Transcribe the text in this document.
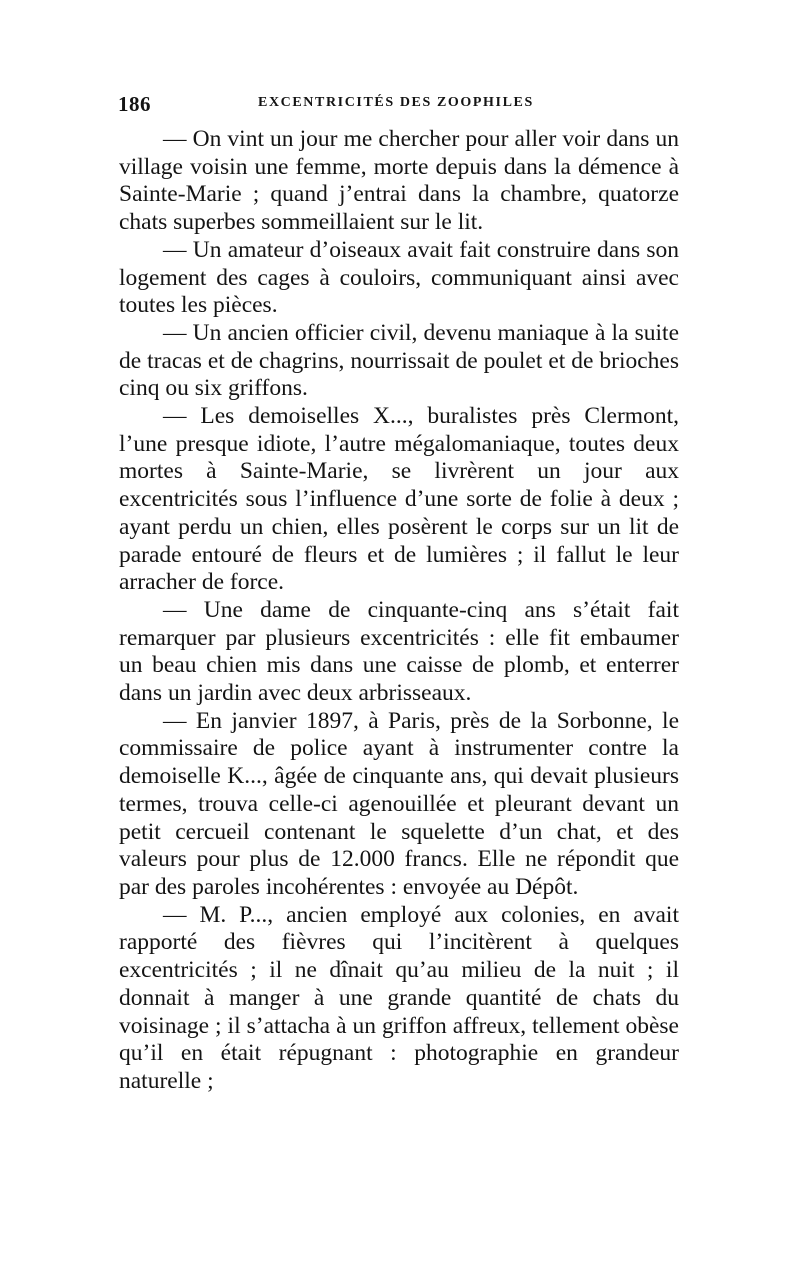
186	EXCENTRICITÉS DES ZOOPHILES

— On vint un jour me chercher pour aller voir dans un village voisin une femme, morte depuis dans la démence à Sainte-Marie ; quand j’entrai dans la chambre, quatorze chats superbes sommeillaient sur le lit.

— Un amateur d’oiseaux avait fait construire dans son logement des cages à couloirs, communiquant ainsi avec toutes les pièces.

— Un ancien officier civil, devenu maniaque à la suite de tracas et de chagrins, nourrissait de poulet et de brioches cinq ou six griffons.

— Les demoiselles X..., buralistes près Clermont, l’une presque idiote, l’autre mégalomaniaque, toutes deux mortes à Sainte-Marie, se livrèrent un jour aux excentricités sous l’influence d’une sorte de folie à deux ; ayant perdu un chien, elles posèrent le corps sur un lit de parade entouré de fleurs et de lumières ; il fallut le leur arracher de force.

— Une dame de cinquante-cinq ans s’était fait remarquer par plusieurs excentricités : elle fit embaumer un beau chien mis dans une caisse de plomb, et enterrer dans un jardin avec deux arbrisseaux.

— En janvier 1897, à Paris, près de la Sorbonne, le commissaire de police ayant à instrumenter contre la demoiselle K..., âgée de cinquante ans, qui devait plusieurs termes, trouva celle-ci agenouillée et pleurant devant un petit cercueil contenant le squelette d’un chat, et des valeurs pour plus de 12.000 francs. Elle ne répondit que par des paroles incohérentes : envoyée au Dépôt.

— M. P..., ancien employé aux colonies, en avait rapporté des fièvres qui l’incitèrent à quelques excentricités ; il ne dînait qu’au milieu de la nuit ; il donnait à manger à une grande quantité de chats du voisinage ; il s’attacha à un griffon affreux, tellement obèse qu’il en était répugnant : photographie en grandeur naturelle ;
